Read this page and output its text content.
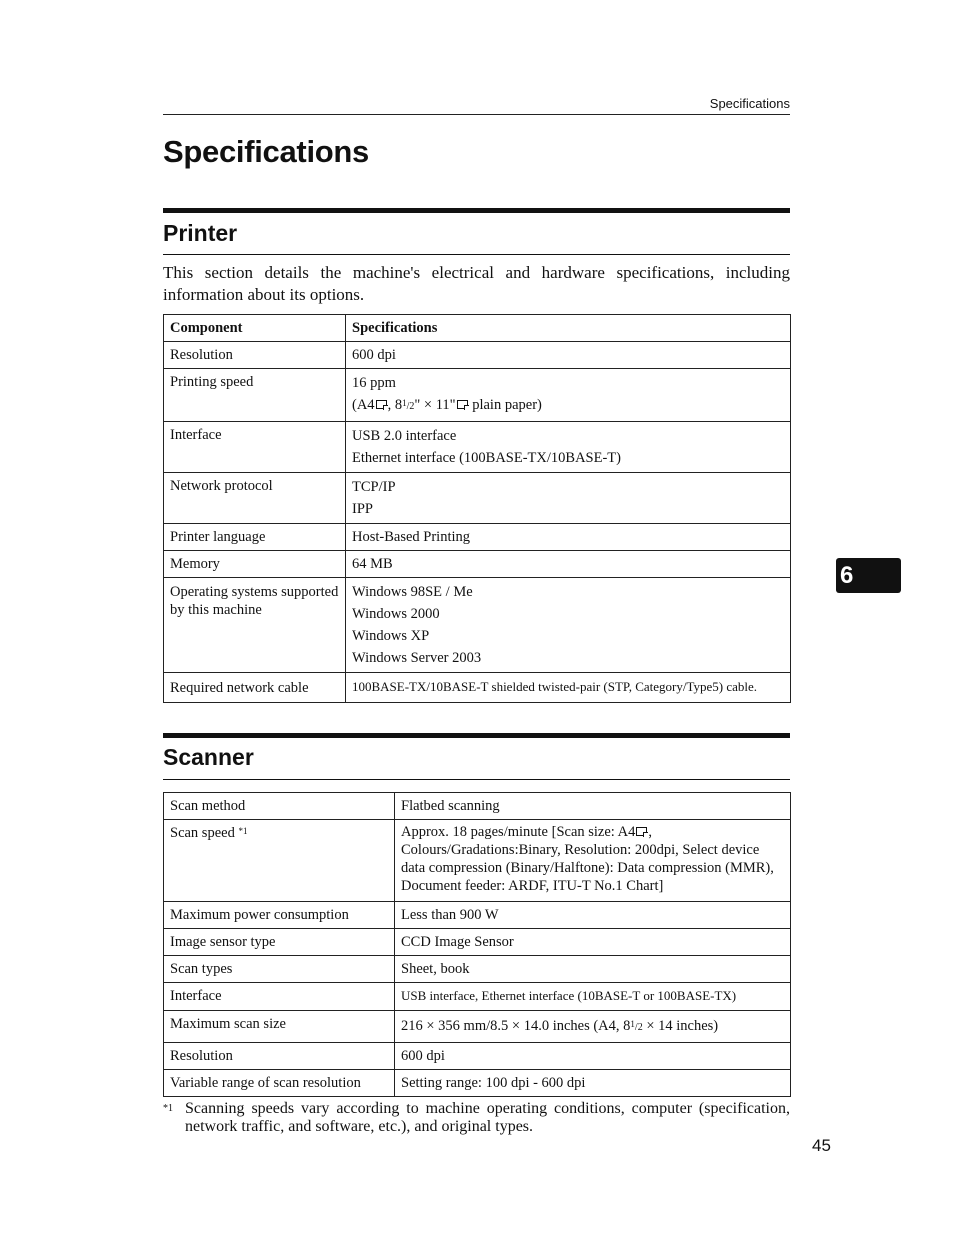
Specifications
Specifications
Printer

This section details the machine's electrical and hardware specifications, including information about its options.

Component	Specifications
Resolution	600 dpi
Printing speed	16 ppm
(A4 , $8^1/2$" × 11" plain paper)

Interface	USB 2.0 interface
Ethernet interface (100BASE-TX/10BASE-T)

Network protocol	TCP/IP
IPP

Printer language	Host-Based Printing
Memory	64 MB
Operating systems supported by this machine	Windows 98SE / Me
Windows 2000
Windows XP
Windows Server 2003

Required network cable	100BASE-TX/10BASE-T shielded twisted-pair (STP, Category/Type5) cable.
Scanner
Scan method	Flatbed scanning
Scan speed $^{*1}$	Approx. 18 pages/minute [Scan size: A4 , Colours/Gradations:Binary, Resolution: 200dpi, Select device data compression (Binary/Halftone): Data compression (MMR), Document feeder: ARDF, ITU-T No.1 Chart]
Maximum power consumption	Less than 900 W
Image sensor type	CCD Image Sensor
Scan types	Sheet, book
Interface	USB interface, Ethernet interface (10BASE-T or 100BASE-TX)
Maximum scan size	216 × 356 mm/8.5 × 14.0 inches (A4, $8^1/2 \times 14$ inches)
Resolution	600 dpi
Variable range of scan resolution	Setting range: 100 dpi - 600 dpi
*1 Scanning speeds vary according to machine operating conditions, computer (specification, network traffic, and software, etc.), and original types.
45
6
